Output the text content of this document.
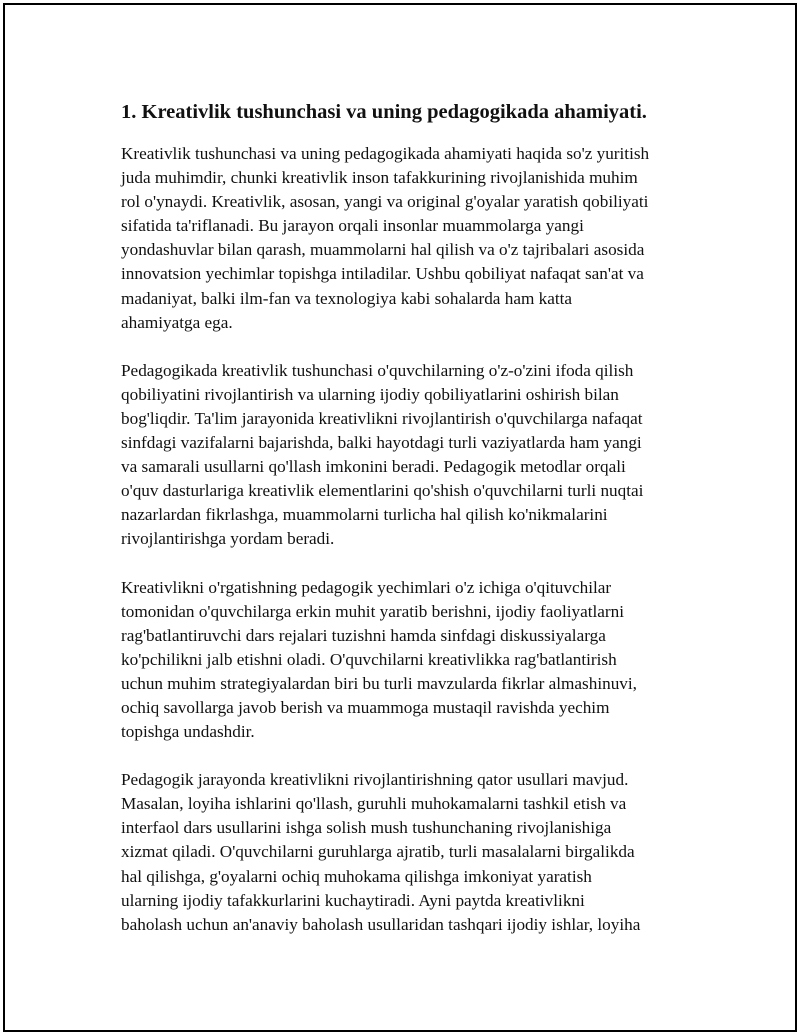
1. Kreativlik tushunchasi va uning pedagogikada ahamiyati.
Kreativlik tushunchasi va uning pedagogikada ahamiyati haqida so'z yuritish
juda muhimdir, chunki kreativlik inson tafakkurining rivojlanishida muhim
rol o'ynaydi. Kreativlik, asosan, yangi va original g'oyalar yaratish qobiliyati
sifatida ta'riflanadi. Bu jarayon orqali insonlar muammolarga yangi
yondashuvlar bilan qarash, muammolarni hal qilish va o'z tajribalari asosida
innovatsion yechimlar topishga intiladilar. Ushbu qobiliyat nafaqat san'at va
madaniyat, balki ilm-fan va texnologiya kabi sohalarda ham katta
ahamiyatga ega.
Pedagogikada kreativlik tushunchasi o'quvchilarning o'z-o'zini ifoda qilish
qobiliyatini rivojlantirish va ularning ijodiy qobiliyatlarini oshirish bilan
bog'liqdir. Ta'lim jarayonida kreativlikni rivojlantirish o'quvchilarga nafaqat
sinfdagi vazifalarni bajarishda, balki hayotdagi turli vaziyatlarda ham yangi
va samarali usullarni qo'llash imkonini beradi. Pedagogik metodlar orqali
o'quv dasturlariga kreativlik elementlarini qo'shish o'quvchilarni turli nuqtai
nazarlardan fikrlashga, muammolarni turlicha hal qilish ko'nikmalarini
rivojlantirishga yordam beradi.
Kreativlikni o'rgatishning pedagogik yechimlari o'z ichiga o'qituvchilar
tomonidan o'quvchilarga erkin muhit yaratib berishni, ijodiy faoliyatlarni
rag'batlantiruvchi dars rejalari tuzishni hamda sinfdagi diskussiyalarga
ko'pchilikni jalb etishni oladi. O'quvchilarni kreativlikka rag'batlantirish
uchun muhim strategiyalardan biri bu turli mavzularda fikrlar almashinuvi,
ochiq savollarga javob berish va muammoga mustaqil ravishda yechim
topishga undashdir.
Pedagogik jarayonda kreativlikni rivojlantirishning qator usullari mavjud.
Masalan, loyiha ishlarini qo'llash, guruhli muhokamalarni tashkil etish va
interfaol dars usullarini ishga solish mush tushunchaning rivojlanishiga
xizmat qiladi. O'quvchilarni guruhlarga ajratib, turli masalalarni birgalikda
hal qilishga, g'oyalarni ochiq muhokama qilishga imkoniyat yaratish
ularning ijodiy tafakkurlarini kuchaytiradi. Ayni paytda kreativlikni
baholash uchun an'anaviy baholash usullaridan tashqari ijodiy ishlar, loyiha
